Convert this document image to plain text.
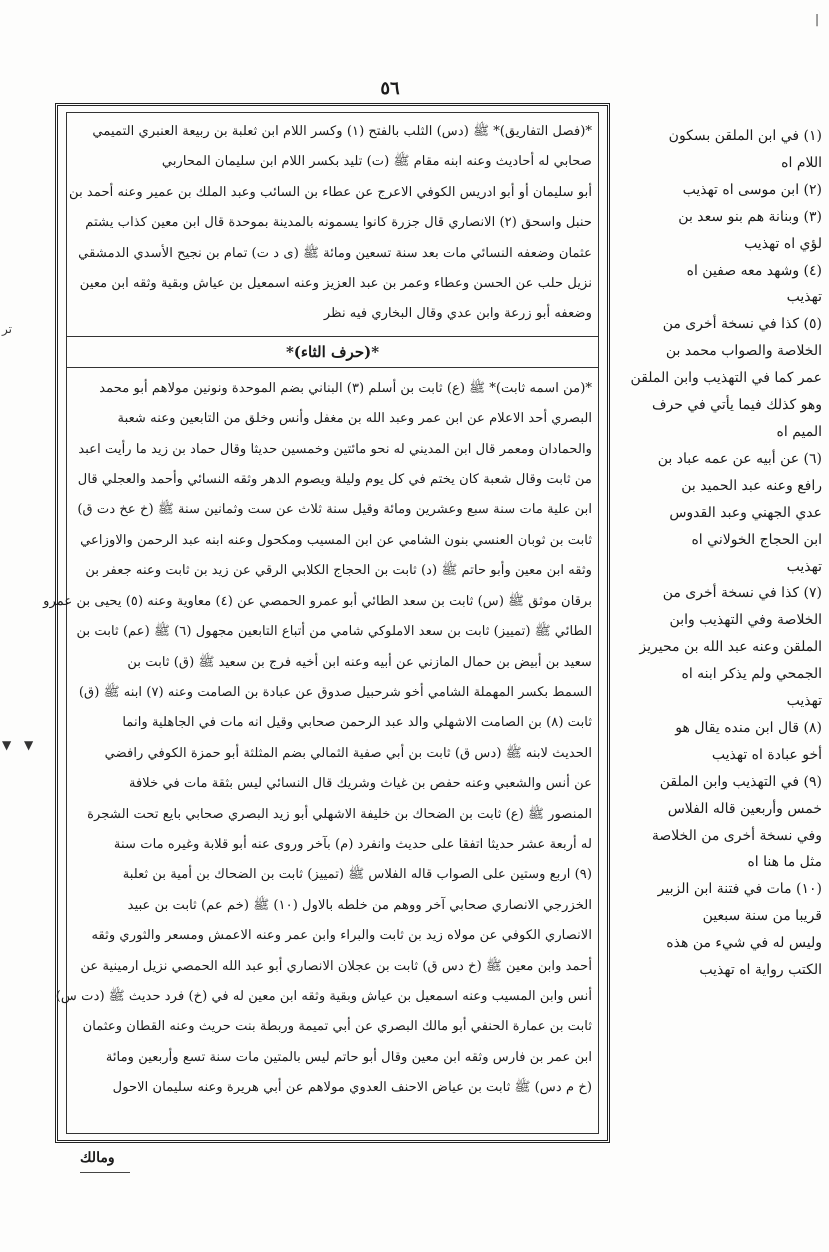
٥٦
*(فصل التفاريق)* ﷺ (دس) الثلب بالفتح (١) وكسر اللام ابن ثعلبة بن ربيعة العنبري التميمي
صحابي له أحاديث وعنه ابنه مقام ﷺ (ت) تليد بكسر اللام ابن سليمان المحاربي
أبو سليمان أو أبو ادريس الكوفي الاعرج عن عطاء بن السائب وعبد الملك بن عمير وعنه أحمد بن
حنبل واسحق (٢) الانصاري قال جزرة كانوا يسمونه بالمدينة بموحدة قال ابن معين كذاب يشتم
عثمان وضعفه النسائي مات بعد سنة تسعين ومائة ﷺ (ى د ت) تمام بن نجيح الأسدي الدمشقي
نزيل حلب عن الحسن وعطاء وعمر بن عبد العزيز وعنه اسمعيل بن عياش وبقية وثقه ابن معين
وضعفه أبو زرعة وابن عدي وقال البخاري فيه نظر
*(حرف الثاء)*
*(من اسمه ثابت)* ﷺ (ع) ثابت بن أسلم (٣) البناني بضم الموحدة ونونين مولاهم أبو محمد
البصري أحد الاعلام عن ابن عمر وعبد الله بن مغفل وأنس وخلق من التابعين وعنه شعبة
والحمادان ومعمر قال ابن المديني له نحو مائتين وخمسين حديثا وقال حماد بن زيد ما رأيت اعبد
من ثابت وقال شعبة كان يختم في كل يوم وليلة ويصوم الدهر وثقه النسائي وأحمد والعجلي قال
ابن علية مات سنة سبع وعشرين ومائة وقيل سنة ثلاث عن ست وثمانين سنة ﷺ (خ عخ دت ق)
ثابت بن ثوبان العنسي بنون الشامي عن ابن المسيب ومكحول وعنه ابنه عبد الرحمن والاوزاعي
وثقه ابن معين وأبو حاتم ﷺ (د) ثابت بن الحجاج الكلابي الرقي عن زيد بن ثابت وعنه جعفر بن
برقان موثق ﷺ (س) ثابت بن سعد الطائي أبو عمرو الحمصي عن (٤) معاوية وعنه (٥) يحيى بن عمرو
الطائي ﷺ (تمييز) ثابت بن سعد الاملوكي شامي من أتباع التابعين مجهول (٦) ﷺ (عم) ثابت بن
سعيد بن أبيض بن حمال المازني عن أبيه وعنه ابن أخيه فرج بن سعيد ﷺ (ق) ثابت بن
السمط بكسر المهملة الشامي أخو شرحبيل صدوق عن عبادة بن الصامت وعنه (٧) ابنه ﷺ (ق)
ثابت (٨) بن الصامت الاشهلي والد عبد الرحمن صحابي وقيل انه مات في الجاهلية وانما
الحديث لابنه ﷺ (دس ق) ثابت بن أبي صفية الثمالي بضم المثلثة أبو حمزة الكوفي رافضي
عن أنس والشعبي وعنه حفص بن غياث وشريك قال النسائي ليس بثقة مات في خلافة
المنصور ﷺ (ع) ثابت بن الضحاك بن خليفة الاشهلي أبو زيد البصري صحابي بايع تحت الشجرة
له أربعة عشر حديثا اتفقا على حديث وانفرد (م) بآخر وروى عنه أبو قلابة وغيره مات سنة
(٩) اربع وستين على الصواب قاله الفلاس ﷺ (تمييز) ثابت بن الضحاك بن أمية بن ثعلبة
الخزرجي الانصاري صحابي آخر ووهم من خلطه بالاول (١٠) ﷺ (خم عم) ثابت بن عبيد
الانصاري الكوفي عن مولاه زيد بن ثابت والبراء وابن عمر وعنه الاعمش ومسعر والثوري وثقه
أحمد وابن معين ﷺ (خ دس ق) ثابت بن عجلان الانصاري أبو عبد الله الحمصي نزيل ارمينية عن
أنس وابن المسيب وعنه اسمعيل بن عياش وبقية وثقه ابن معين له في (خ) فرد حديث ﷺ (دت س)
ثابت بن عمارة الحنفي أبو مالك البصري عن أبي تميمة وربطة بنت حريث وعنه القطان وعثمان
ابن عمر بن فارس وثقه ابن معين وقال أبو حاتم ليس بالمتين مات سنة تسع وأربعين ومائة
(خ م دس) ﷺ ثابت بن عياض الاحنف العدوي مولاهم عن أبي هريرة وعنه سليمان الاحول
(١) في ابن الملقن بسكون
اللام اه
(٢) ابن موسى اه تهذيب
(٣) وبنانة هم بنو سعد بن
لؤي اه تهذيب
(٤) وشهد معه صفين اه
تهذيب
(٥) كذا في نسخة أخرى من
الخلاصة والصواب محمد بن
عمر كما في التهذيب وابن الملقن
وهو كذلك فيما يأتي في حرف
الميم اه
(٦) عن أبيه عن عمه عباد بن
رافع وعنه عبد الحميد بن
عدي الجهني وعبد القدوس
ابن الحجاج الخولاني اه
تهذيب
(٧) كذا في نسخة أخرى من
الخلاصة وفي التهذيب وابن
الملقن وعنه عبد الله بن محيريز
الجمحي ولم يذكر ابنه اه
تهذيب
(٨) قال ابن منده يقال هو
أخو عبادة اه تهذيب
(٩) في التهذيب وابن الملقن
خمس وأربعين قاله الفلاس
وفي نسخة أخرى من الخلاصة
مثل ما هنا اه
(١٠) مات في فتنة ابن الزبير
قريبا من سنة سبعين
وليس له في شيء من هذه
الكتب رواية اه تهذيب
ومالك
ﺗﺮ
▼ ▼
|
